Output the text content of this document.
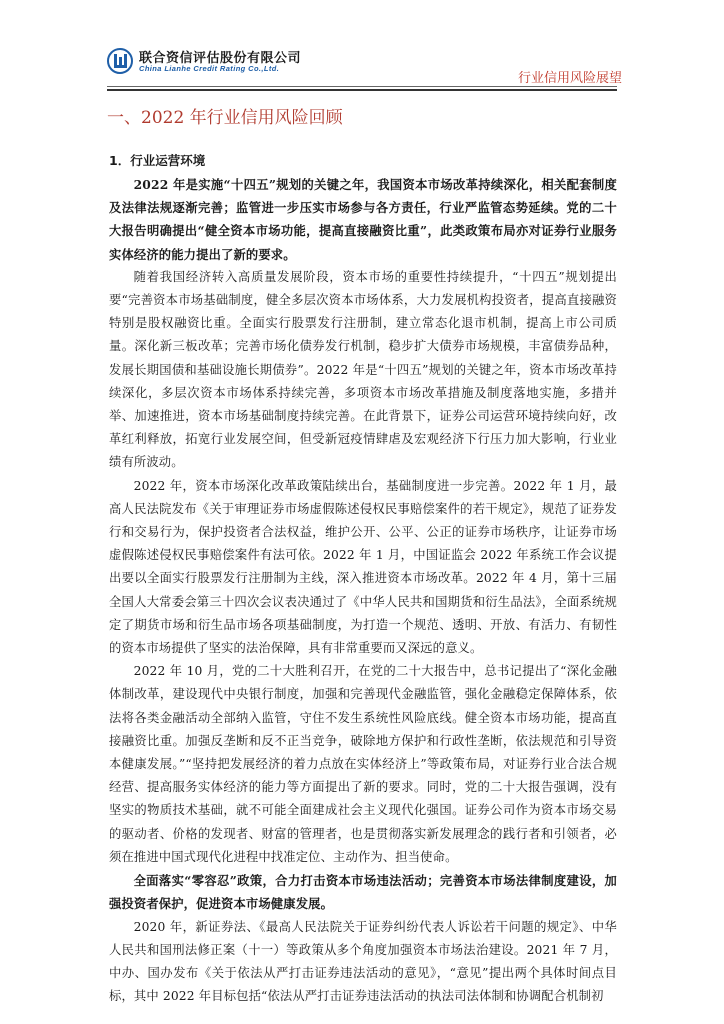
联合资信评估股份有限公司
China Lianhe Credit Rating Co.,Ltd.
行业信用风险展望
一、2022 年行业信用风险回顾
1．行业运营环境

2022 年是实施“十四五”规划的关键之年，我国资本市场改革持续深化，相关配套制度及法律法规逐渐完善；监管进一步压实市场参与各方责任，行业严监管态势延续。党的二十大报告明确提出“健全资本市场功能，提高直接融资比重”，此类政策布局亦对证券行业服务实体经济的能力提出了新的要求。

随着我国经济转入高质量发展阶段，资本市场的重要性持续提升，“十四五”规划提出要“完善资本市场基础制度，健全多层次资本市场体系，大力发展机构投资者，提高直接融资特别是股权融资比重。全面实行股票发行注册制，建立常态化退市机制，提高上市公司质量。深化新三板改革；完善市场化债券发行机制，稳步扩大债券市场规模，丰富债券品种，发展长期国债和基础设施长期债券”。2022 年是“十四五”规划的关键之年，资本市场改革持续深化，多层次资本市场体系持续完善，多项资本市场改革措施及制度落地实施，多措并举、加速推进，资本市场基础制度持续完善。在此背景下，证券公司运营环境持续向好，改革红利释放，拓宽行业发展空间，但受新冠疫情肆虐及宏观经济下行压力加大影响，行业业绩有所波动。

2022 年，资本市场深化改革政策陆续出台，基础制度进一步完善。2022 年 1 月，最高人民法院发布《关于审理证券市场虚假陈述侵权民事赔偿案件的若干规定》，规范了证券发行和交易行为，保护投资者合法权益，维护公开、公平、公正的证券市场秩序，让证券市场虚假陈述侵权民事赔偿案件有法可依。2022 年 1 月，中国证监会 2022 年系统工作会议提出要以全面实行股票发行注册制为主线，深入推进资本市场改革。2022 年 4 月，第十三届全国人大常委会第三十四次会议表决通过了《中华人民共和国期货和衍生品法》，全面系统规定了期货市场和衍生品市场各项基础制度，为打造一个规范、透明、开放、有活力、有韧性的资本市场提供了坚实的法治保障，具有非常重要而又深远的意义。

2022 年 10 月，党的二十大胜利召开，在党的二十大报告中，总书记提出了“深化金融体制改革，建设现代中央银行制度，加强和完善现代金融监管，强化金融稳定保障体系，依法将各类金融活动全部纳入监管，守住不发生系统性风险底线。健全资本市场功能，提高直接融资比重。加强反垄断和反不正当竞争，破除地方保护和行政性垄断，依法规范和引导资本健康发展。”“坚持把发展经济的着力点放在实体经济上”等政策布局，对证券行业合法合规经营、提高服务实体经济的能力等方面提出了新的要求。同时，党的二十大报告强调，没有坚实的物质技术基础，就不可能全面建成社会主义现代化强国。证券公司作为资本市场交易的驱动者、价格的发现者、财富的管理者，也是贯彻落实新发展理念的践行者和引领者，必须在推进中国式现代化进程中找准定位、主动作为、担当使命。

全面落实“零容忍”政策，合力打击资本市场违法活动；完善资本市场法律制度建设，加强投资者保护，促进资本市场健康发展。

2020 年，新证券法、《最高人民法院关于证券纠纷代表人诉讼若干问题的规定》、中华人民共和国刑法修正案（十一）等政策从多个角度加强资本市场法治建设。2021 年 7 月，中办、国办发布《关于依法从严打击证券违法活动的意见》，“意见”提出两个具体时间点目标，其中 2022 年目标包括“依法从严打击证券违法活动的执法司法体制和协调配合机制初
